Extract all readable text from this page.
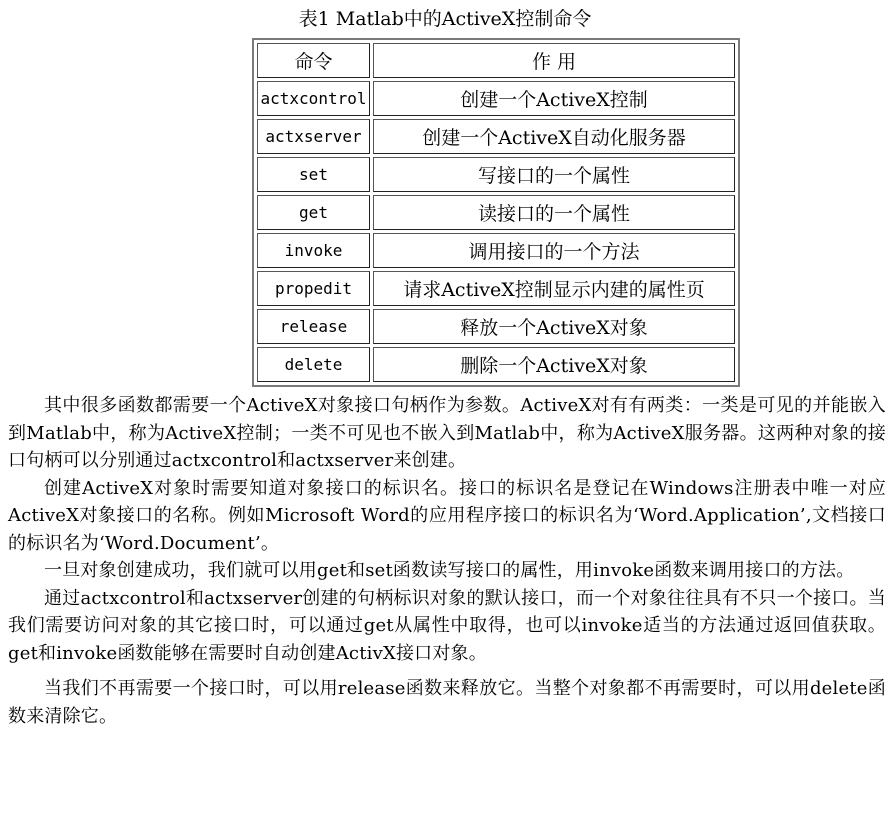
表1 Matlab中的ActiveX控制命令
命令	作 用
actxcontrol	创建一个ActiveX控制
actxserver	创建一个ActiveX自动化服务器
set	写接口的一个属性
get	读接口的一个属性
invoke	调用接口的一个方法
propedit	请求ActiveX控制显示内建的属性页
release	释放一个ActiveX对象
delete	删除一个ActiveX对象

其中很多函数都需要一个ActiveX对象接口句柄作为参数。ActiveX对有有两类：一类是可见的并能嵌入到Matlab中，称为ActiveX控制；一类不可见也不嵌入到Matlab中，称为ActiveX服务器。这两种对象的接口句柄可以分别通过actxcontrol和actxserver来创建。

创建ActiveX对象时需要知道对象接口的标识名。接口的标识名是登记在Windows注册表中唯一对应ActiveX对象接口的名称。例如Microsoft Word的应用程序接口的标识名为‘Word.Application’,文档接口的标识名为‘Word.Document’。

一旦对象创建成功，我们就可以用get和set函数读写接口的属性，用invoke函数来调用接口的方法。

通过actxcontrol和actxserver创建的句柄标识对象的默认接口，而一个对象往往具有不只一个接口。当我们需要访问对象的其它接口时，可以通过get从属性中取得，也可以invoke适当的方法通过返回值获取。get和invoke函数能够在需要时自动创建ActivX接口对象。

当我们不再需要一个接口时，可以用release函数来释放它。当整个对象都不再需要时，可以用delete函数来清除它。
